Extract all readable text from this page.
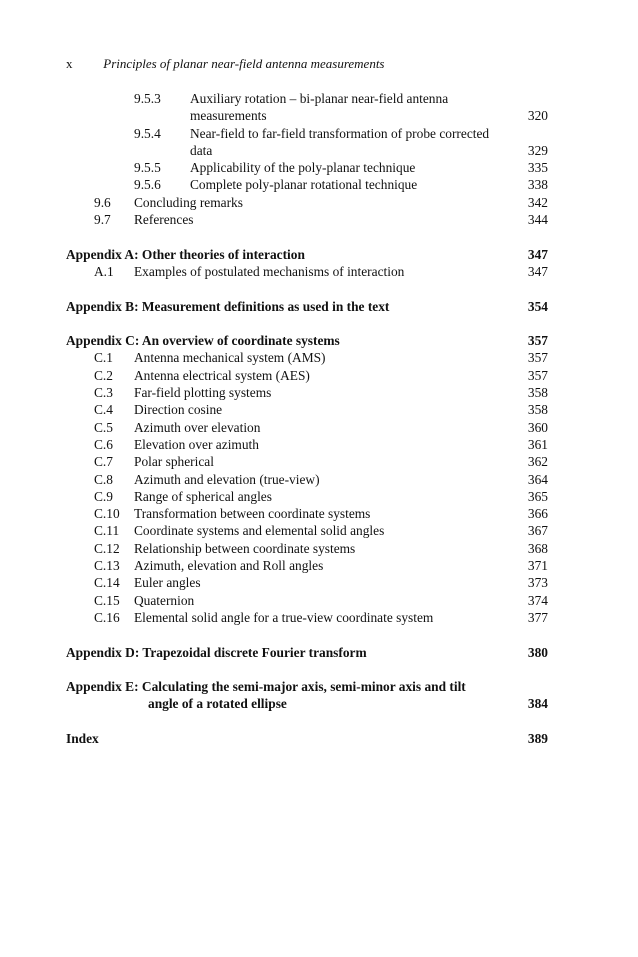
x Principles of planar near-field antenna measurements
9.5.3 Auxiliary rotation – bi-planar near-field antenna
measurements	320
9.5.4 Near-field to far-field transformation of probe corrected
data	329
9.5.5 Applicability of the poly-planar technique	335
9.5.6 Complete poly-planar rotational technique	338
9.6 Concluding remarks	342
9.7 References	344
Appendix A: Other theories of interaction	347
A.1 Examples of postulated mechanisms of interaction	347
Appendix B: Measurement definitions as used in the text	354
Appendix C: An overview of coordinate systems	357
C.1 Antenna mechanical system (AMS)	357
C.2 Antenna electrical system (AES)	357
C.3 Far-field plotting systems	358
C.4 Direction cosine	358
C.5 Azimuth over elevation	360
C.6 Elevation over azimuth	361
C.7 Polar spherical	362
C.8 Azimuth and elevation (true-view)	364
C.9 Range of spherical angles	365
C.10 Transformation between coordinate systems	366
C.11 Coordinate systems and elemental solid angles	367
C.12 Relationship between coordinate systems	368
C.13 Azimuth, elevation and Roll angles	371
C.14 Euler angles	373
C.15 Quaternion	374
C.16 Elemental solid angle for a true-view coordinate system	377
Appendix D: Trapezoidal discrete Fourier transform	380
Appendix E: Calculating the semi-major axis, semi-minor axis and tilt
angle of a rotated ellipse	384
Index	389
